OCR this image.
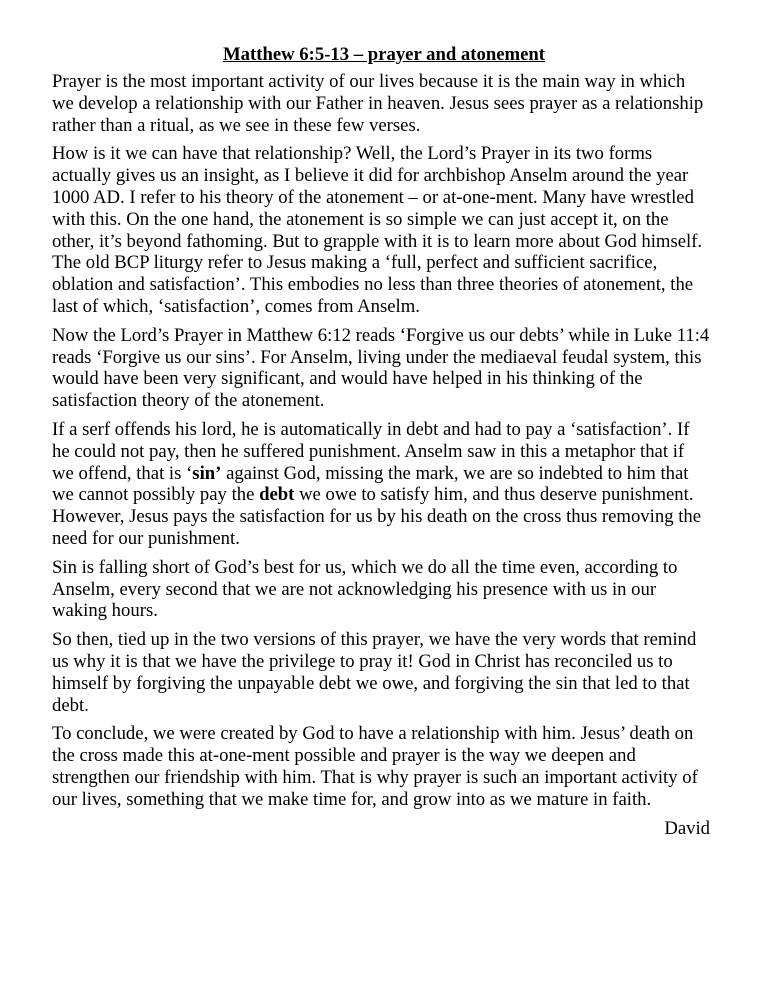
Matthew 6:5-13 – prayer and atonement

Prayer is the most important activity of our lives because it is the main way in which we develop a relationship with our Father in heaven. Jesus sees prayer as a relationship rather than a ritual, as we see in these few verses.

How is it we can have that relationship? Well, the Lord’s Prayer in its two forms actually gives us an insight, as I believe it did for archbishop Anselm around the year 1000 AD. I refer to his theory of the atonement – or at-one-ment. Many have wrestled with this. On the one hand, the atonement is so simple we can just accept it, on the other, it’s beyond fathoming. But to grapple with it is to learn more about God himself. The old BCP liturgy refer to Jesus making a ‘full, perfect and sufficient sacrifice, oblation and satisfaction’. This embodies no less than three theories of atonement, the last of which, ‘satisfaction’, comes from Anselm.

Now the Lord’s Prayer in Matthew 6:12 reads ‘Forgive us our debts’ while in Luke 11:4 reads ‘Forgive us our sins’. For Anselm, living under the mediaeval feudal system, this would have been very significant, and would have helped in his thinking of the satisfaction theory of the atonement.

If a serf offends his lord, he is automatically in debt and had to pay a ‘satisfaction’. If he could not pay, then he suffered punishment. Anselm saw in this a metaphor that if we offend, that is ‘sin’ against God, missing the mark, we are so indebted to him that we cannot possibly pay the debt we owe to satisfy him, and thus deserve punishment. However, Jesus pays the satisfaction for us by his death on the cross thus removing the need for our punishment.

Sin is falling short of God’s best for us, which we do all the time even, according to Anselm, every second that we are not acknowledging his presence with us in our waking hours.

So then, tied up in the two versions of this prayer, we have the very words that remind us why it is that we have the privilege to pray it! God in Christ has reconciled us to himself by forgiving the unpayable debt we owe, and forgiving the sin that led to that debt.

To conclude, we were created by God to have a relationship with him. Jesus’ death on the cross made this at-one-ment possible and prayer is the way we deepen and strengthen our friendship with him. That is why prayer is such an important activity of our lives, something that we make time for, and grow into as we mature in faith.

David
